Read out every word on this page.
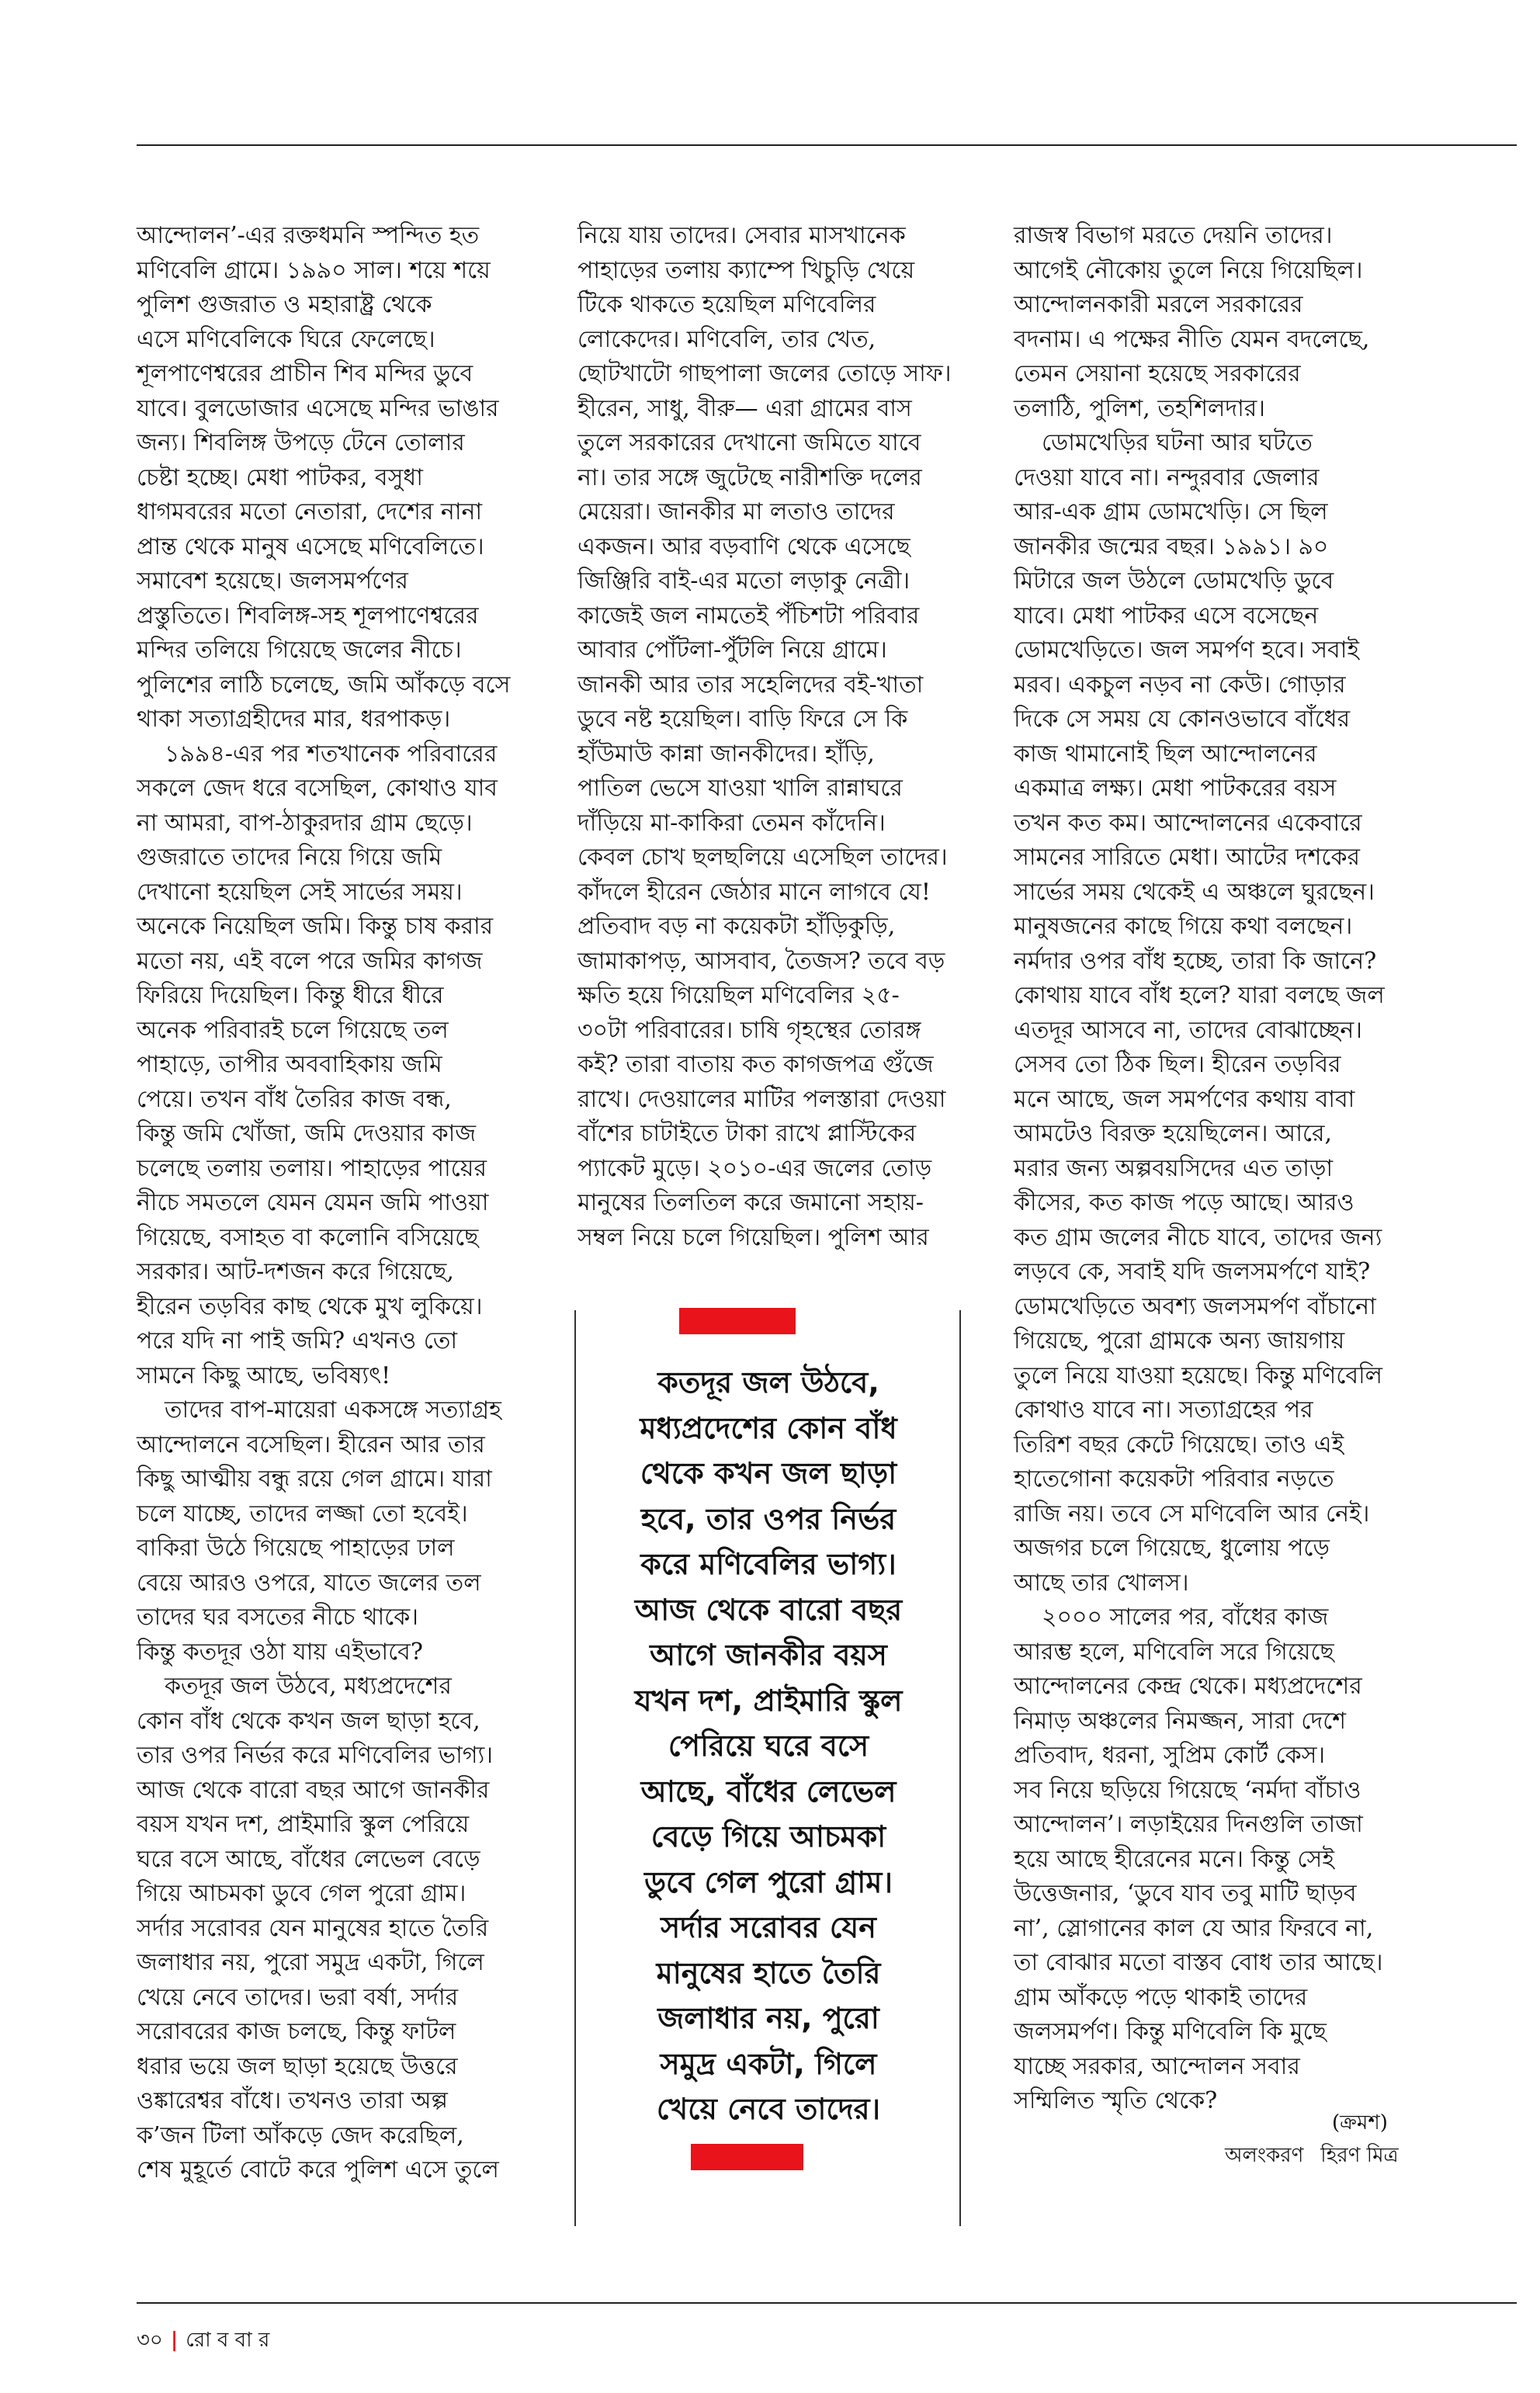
আন্দোলন’-এর রক্তধমনি স্পন্দিত হত
মণিবেলি গ্রামে। ১৯৯০ সাল। শয়ে শয়ে
পুলিশ গুজরাত ও মহারাষ্ট্র থেকে
এসে মণিবেলিকে ঘিরে ফেলেছে।
শূলপাণেশ্বরের প্রাচীন শিব মন্দির ডুবে
যাবে। বুলডোজার এসেছে মন্দির ভাঙার
জন্য। শিবলিঙ্গ উপড়ে টেনে তোলার
চেষ্টা হচ্ছে। মেধা পাটকর, বসুধা
ধাগমবরের মতো নেতারা, দেশের নানা
প্রান্ত থেকে মানুষ এসেছে মণিবেলিতে।
সমাবেশ হয়েছে। জলসমর্পণের
প্রস্তুতিতে। শিবলিঙ্গ-সহ শূলপাণেশ্বরের
মন্দির তলিয়ে গিয়েছে জলের নীচে।
পুলিশের লাঠি চলেছে, জমি আঁকড়ে বসে
থাকা সত্যাগ্রহীদের মার, ধরপাকড়।

১৯৯৪-এর পর শতখানেক পরিবারের
সকলে জেদ ধরে বসেছিল, কোথাও যাব
না আমরা, বাপ-ঠাকুরদার গ্রাম ছেড়ে।
গুজরাতে তাদের নিয়ে গিয়ে জমি
দেখানো হয়েছিল সেই সার্ভের সময়।
অনেকে নিয়েছিল জমি। কিন্তু চাষ করার
মতো নয়, এই বলে পরে জমির কাগজ
ফিরিয়ে দিয়েছিল। কিন্তু ধীরে ধীরে
অনেক পরিবারই চলে গিয়েছে তল
পাহাড়ে, তাপীর অববাহিকায় জমি
পেয়ে। তখন বাঁধ তৈরির কাজ বন্ধ,
কিন্তু জমি খোঁজা, জমি দেওয়ার কাজ
চলেছে তলায় তলায়। পাহাড়ের পায়ের
নীচে সমতলে যেমন যেমন জমি পাওয়া
গিয়েছে, বসাহত বা কলোনি বসিয়েছে
সরকার। আট-দশজন করে গিয়েছে,
হীরেন তড়বির কাছ থেকে মুখ লুকিয়ে।
পরে যদি না পাই জমি? এখনও তো
সামনে কিছু আছে, ভবিষ্যৎ!

তাদের বাপ-মায়েরা একসঙ্গে সত্যাগ্রহ
আন্দোলনে বসেছিল। হীরেন আর তার
কিছু আত্মীয় বন্ধু রয়ে গেল গ্রামে। যারা
চলে যাচ্ছে, তাদের লজ্জা তো হবেই।
বাকিরা উঠে গিয়েছে পাহাড়ের ঢাল
বেয়ে আরও ওপরে, যাতে জলের তল
তাদের ঘর বসতের নীচে থাকে।
কিন্তু কতদূর ওঠা যায় এইভাবে?

কতদূর জল উঠবে, মধ্যপ্রদেশের
কোন বাঁধ থেকে কখন জল ছাড়া হবে,
তার ওপর নির্ভর করে মণিবেলির ভাগ্য।
আজ থেকে বারো বছর আগে জানকীর
বয়স যখন দশ, প্রাইমারি স্কুল পেরিয়ে
ঘরে বসে আছে, বাঁধের লেভেল বেড়ে
গিয়ে আচমকা ডুবে গেল পুরো গ্রাম।
সর্দার সরোবর যেন মানুষের হাতে তৈরি
জলাধার নয়, পুরো সমুদ্র একটা, গিলে
খেয়ে নেবে তাদের। ভরা বর্ষা, সর্দার
সরোবরের কাজ চলছে, কিন্তু ফাটল
ধরার ভয়ে জল ছাড়া হয়েছে উত্তরে
ওঙ্কারেশ্বর বাঁধে। তখনও তারা অল্প
ক’জন টিলা আঁকড়ে জেদ করেছিল,
শেষ মুহূর্তে বোটে করে পুলিশ এসে তুলে

নিয়ে যায় তাদের। সেবার মাসখানেক
পাহাড়ের তলায় ক্যাম্পে খিচুড়ি খেয়ে
টিকে থাকতে হয়েছিল মণিবেলির
লোকেদের। মণিবেলি, তার খেত,
ছোটখাটো গাছপালা জলের তোড়ে সাফ।
হীরেন, সাধু, বীরু— এরা গ্রামের বাস
তুলে সরকারের দেখানো জমিতে যাবে
না। তার সঙ্গে জুটেছে নারীশক্তি দলের
মেয়েরা। জানকীর মা লতাও তাদের
একজন। আর বড়বাণি থেকে এসেছে
জিঞ্জিরি বাই-এর মতো লড়াকু নেত্রী।
কাজেই জল নামতেই পঁচিশটা পরিবার
আবার পোঁটলা-পুঁটলি নিয়ে গ্রামে।
জানকী আর তার সহেলিদের বই-খাতা
ডুবে নষ্ট হয়েছিল। বাড়ি ফিরে সে কি
হাঁউমাউ কান্না জানকীদের। হাঁড়ি,
পাতিল ভেসে যাওয়া খালি রান্নাঘরে
দাঁড়িয়ে মা-কাকিরা তেমন কাঁদেনি।
কেবল চোখ ছলছলিয়ে এসেছিল তাদের।
কাঁদলে হীরেন জেঠার মানে লাগবে যে!
প্রতিবাদ বড় না কয়েকটা হাঁড়িকুড়ি,
জামাকাপড়, আসবাব, তৈজস? তবে বড়
ক্ষতি হয়ে গিয়েছিল মণিবেলির ২৫-
৩০টা পরিবারের। চাষি গৃহস্থের তোরঙ্গ
কই? তারা বাতায় কত কাগজপত্র গুঁজে
রাখে। দেওয়ালের মাটির পলস্তারা দেওয়া
বাঁশের চাটাইতে টাকা রাখে প্লাস্টিকের
প্যাকেট মুড়ে। ২০১০-এর জলের তোড়
মানুষের তিলতিল করে জমানো সহায়-
সম্বল নিয়ে চলে গিয়েছিল। পুলিশ আর

কতদূর জল উঠবে,
মধ্যপ্রদেশের কোন বাঁধ
থেকে কখন জল ছাড়া
হবে, তার ওপর নির্ভর
করে মণিবেলির ভাগ্য।
আজ থেকে বারো বছর
আগে জানকীর বয়স
যখন দশ, প্রাইমারি স্কুল
পেরিয়ে ঘরে বসে
আছে, বাঁধের লেভেল
বেড়ে গিয়ে আচমকা
ডুবে গেল পুরো গ্রাম।
সর্দার সরোবর যেন
মানুষের হাতে তৈরি
জলাধার নয়, পুরো
সমুদ্র একটা, গিলে
খেয়ে নেবে তাদের।

রাজস্ব বিভাগ মরতে দেয়নি তাদের।
আগেই নৌকোয় তুলে নিয়ে গিয়েছিল।
আন্দোলনকারী মরলে সরকারের
বদনাম। এ পক্ষের নীতি যেমন বদলেছে,
তেমন সেয়ানা হয়েছে সরকারের
তলাঠি, পুলিশ, তহশিলদার।

ডোমখেড়ির ঘটনা আর ঘটতে
দেওয়া যাবে না। নন্দুরবার জেলার
আর-এক গ্রাম ডোমখেড়ি। সে ছিল
জানকীর জন্মের বছর। ১৯৯১। ৯০
মিটারে জল উঠলে ডোমখেড়ি ডুবে
যাবে। মেধা পাটকর এসে বসেছেন
ডোমখেড়িতে। জল সমর্পণ হবে। সবাই
মরব। একচুল নড়ব না কেউ। গোড়ার
দিকে সে সময় যে কোনওভাবে বাঁধের
কাজ থামানোই ছিল আন্দোলনের
একমাত্র লক্ষ্য। মেধা পাটকরের বয়স
তখন কত কম। আন্দোলনের একেবারে
সামনের সারিতে মেধা। আটের দশকের
সার্ভের সময় থেকেই এ অঞ্চলে ঘুরছেন।
মানুষজনের কাছে গিয়ে কথা বলছেন।
নর্মদার ওপর বাঁধ হচ্ছে, তারা কি জানে?
কোথায় যাবে বাঁধ হলে? যারা বলছে জল
এতদূর আসবে না, তাদের বোঝাচ্ছেন।
সেসব তো ঠিক ছিল। হীরেন তড়বির
মনে আছে, জল সমর্পণের কথায় বাবা
আমটেও বিরক্ত হয়েছিলেন। আরে,
মরার জন্য অল্পবয়সিদের এত তাড়া
কীসের, কত কাজ পড়ে আছে। আরও
কত গ্রাম জলের নীচে যাবে, তাদের জন্য
লড়বে কে, সবাই যদি জলসমর্পণে যাই?
ডোমখেড়িতে অবশ্য জলসমর্পণ বাঁচানো
গিয়েছে, পুরো গ্রামকে অন্য জায়গায়
তুলে নিয়ে যাওয়া হয়েছে। কিন্তু মণিবেলি
কোথাও যাবে না। সত্যাগ্রহের পর
তিরিশ বছর কেটে গিয়েছে। তাও এই
হাতেগোনা কয়েকটা পরিবার নড়তে
রাজি নয়। তবে সে মণিবেলি আর নেই।
অজগর চলে গিয়েছে, ধুলোয় পড়ে
আছে তার খোলস।

২০০০ সালের পর, বাঁধের কাজ
আরম্ভ হলে, মণিবেলি সরে গিয়েছে
আন্দোলনের কেন্দ্র থেকে। মধ্যপ্রদেশের
নিমাড় অঞ্চলের নিমজ্জন, সারা দেশে
প্রতিবাদ, ধরনা, সুপ্রিম কোর্ট কেস।
সব নিয়ে ছড়িয়ে গিয়েছে ‘নর্মদা বাঁচাও
আন্দোলন’। লড়াইয়ের দিনগুলি তাজা
হয়ে আছে হীরেনের মনে। কিন্তু সেই
উত্তেজনার, ‘ডুবে যাব তবু মাটি ছাড়ব
না’, স্লোগানের কাল যে আর ফিরবে না,
তা বোঝার মতো বাস্তব বোধ তার আছে।
গ্রাম আঁকড়ে পড়ে থাকাই তাদের
জলসমর্পণ। কিন্তু মণিবেলি কি মুছে
যাচ্ছে সরকার, আন্দোলন সবার
সম্মিলিত স্মৃতি থেকে?

(ক্রমশ)
অলংকরণ হিরণ মিত্র
৩০ | রো ব বা র
